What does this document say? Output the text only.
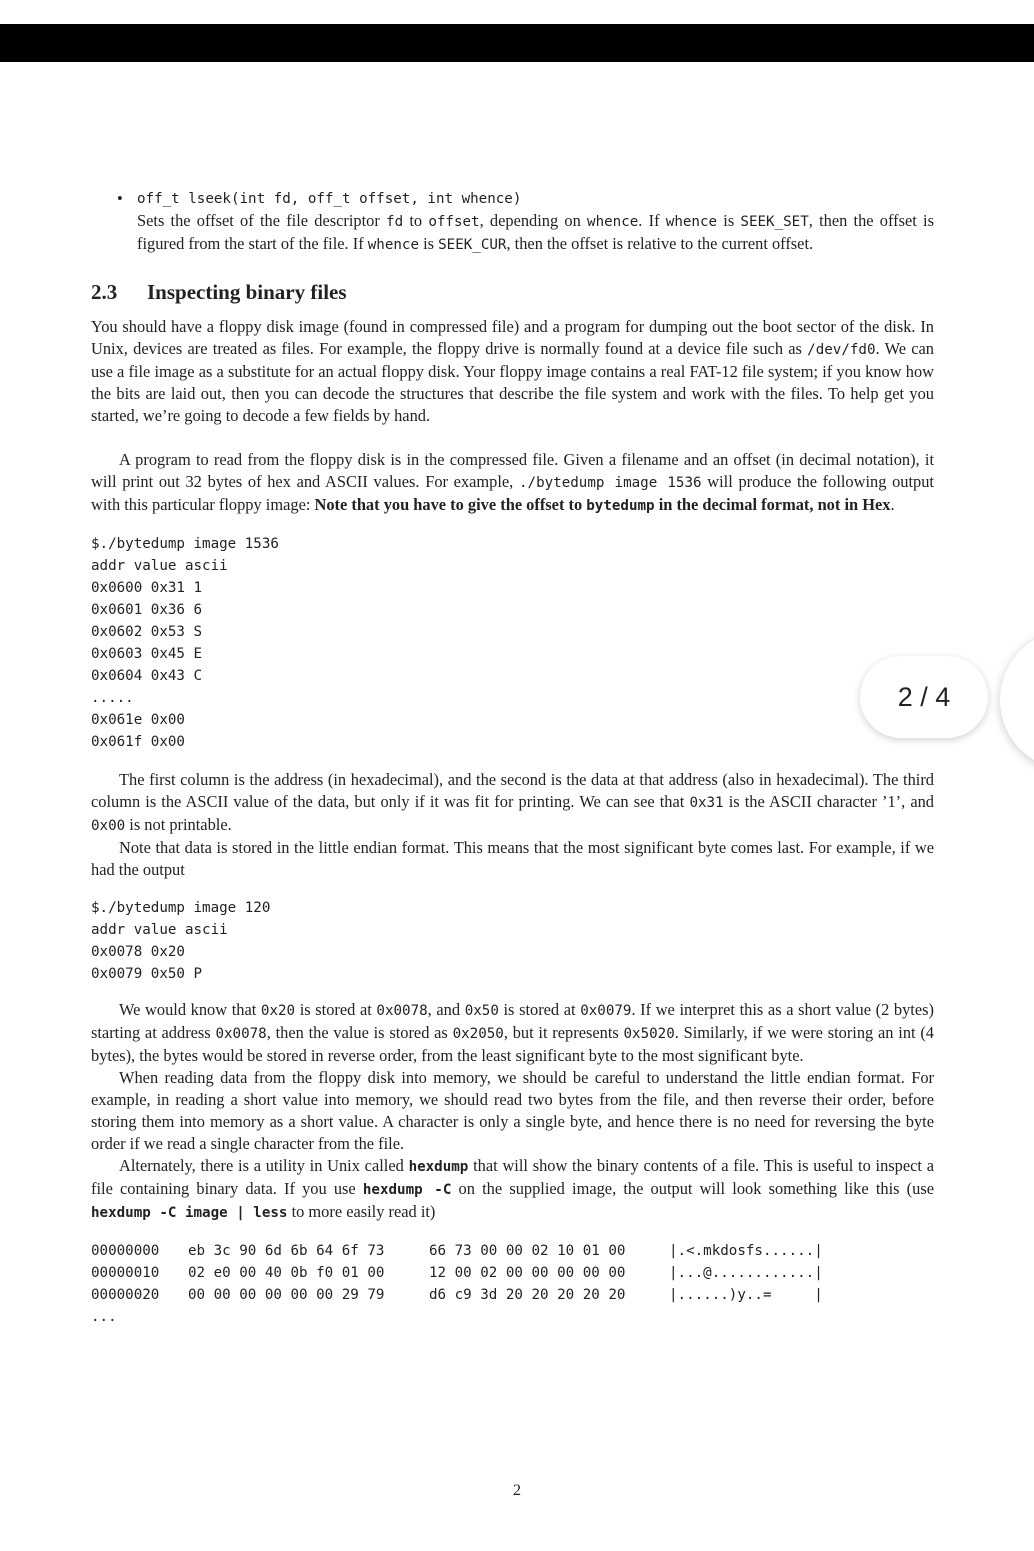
• off_t lseek(int fd, off_t offset, int whence)

Sets the offset of the file descriptor fd to offset, depending on whence. If whence is SEEK_SET, then the offset is figured from the start of the file. If whence is SEEK_CUR, then the offset is relative to the current offset.

2.3 Inspecting binary files

You should have a floppy disk image (found in compressed file) and a program for dumping out the boot sector of the disk. In Unix, devices are treated as files. For example, the floppy drive is normally found at a device file such as /dev/fd0. We can use a file image as a substitute for an actual floppy disk. Your floppy image contains a real FAT-12 file system; if you know how the bits are laid out, then you can decode the structures that describe the file system and work with the files. To help get you started, we’re going to decode a few fields by hand.

A program to read from the floppy disk is in the compressed file. Given a filename and an offset (in decimal notation), it will print out 32 bytes of hex and ASCII values. For example, ./bytedump image 1536 will produce the following output with this particular floppy image: Note that you have to give the offset to bytedump in the decimal format, not in Hex.

$./bytedump image 1536
addr value ascii
0x0600 0x31 1
0x0601 0x36 6
0x0602 0x53 S
0x0603 0x45 E
0x0604 0x43 C
.....
0x061e 0x00
0x061f 0x00

The first column is the address (in hexadecimal), and the second is the data at that address (also in hexadecimal). The third column is the ASCII value of the data, but only if it was fit for printing. We can see that 0x31 is the ASCII character ’1’, and 0x00 is not printable.

Note that data is stored in the little endian format. This means that the most significant byte comes last. For example, if we had the output

$./bytedump image 120
addr value ascii
0x0078 0x20
0x0079 0x50 P

We would know that 0x20 is stored at 0x0078, and 0x50 is stored at 0x0079. If we interpret this as a short value (2 bytes) starting at address 0x0078, then the value is stored as 0x2050, but it represents 0x5020. Similarly, if we were storing an int (4 bytes), the bytes would be stored in reverse order, from the least significant byte to the most significant byte.

When reading data from the floppy disk into memory, we should be careful to understand the little endian format. For example, in reading a short value into memory, we should read two bytes from the file, and then reverse their order, before storing them into memory as a short value. A character is only a single byte, and hence there is no need for reversing the byte order if we read a single character from the file.

Alternately, there is a utility in Unix called hexdump that will show the binary contents of a file. This is useful to inspect a file containing binary data. If you use hexdump -C on the supplied image, the output will look something like this (use hexdump -C image | less to more easily read it)

00000000	eb 3c 90 6d 6b 64 6f 73	66 73 00 00 02 10 01 00	|.<.mkdosfs......|
00000010	02 e0 00 40 0b f0 01 00	12 00 02 00 00 00 00 00	|...@............|
00000020	00 00 00 00 00 00 29 79	d6 c9 3d 20 20 20 20 20	|......)y..=     |
...
2
2 / 4
